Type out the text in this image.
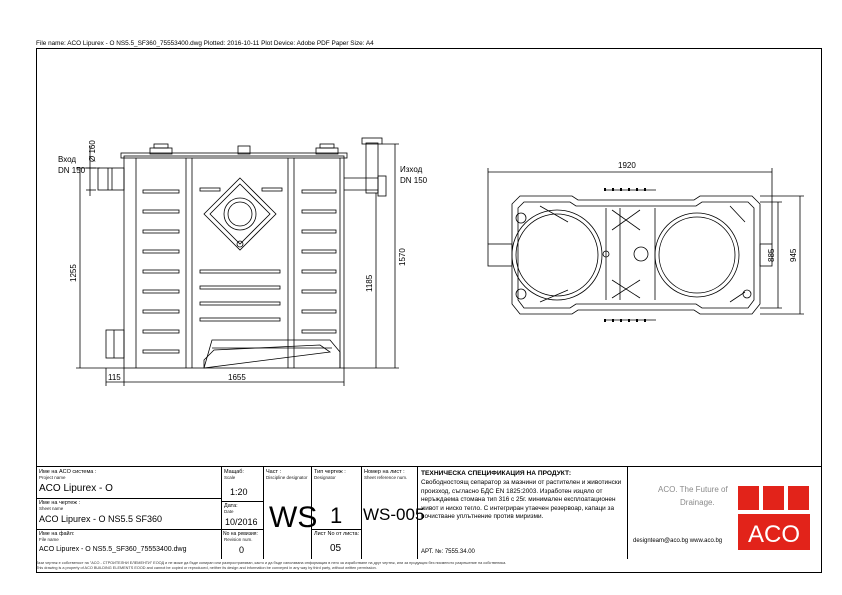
File name: ACO Lipurex - O NS5.5_SF360_75553400.dwg Plotted: 2016-10-11 Plot Device: Adobe PDF Paper Size: A4
Вход
DN 150	Изход
DN 150
Ø 160
1255
1570
1185
115	1655
1920
885 945
Име на ACO система :
Project name
ACO Lipurex - O
Име на чертеж :
Sheet name
ACO Lipurex - O NS5.5 SF360
Име на файл:
File name
ACO Lipurex - O NS5.5_SF360_75553400.dwg
Мащаб:
Scale
1:20
Дата:
Date
10/2016
No на ревизия:
Revision num.
0
Част :
Discipline designator
WS
Тип чертеж :
Designator
1
Лист No от листа:
05
Номер на лист :
Sheet reference num.
WS-005
ТЕХНИЧЕСКА СПЕЦИФИКАЦИЯ НА ПРОДУКТ:
Свободностоящ сепаратор за мазнини от растителен и животински произход, съгласно БДС EN 1825:2003. Изработен изцяло от неръждаема стомана тип 316 с 25г. минимален експлоатационен живот и ниско тегло. С интегриран утаечен резервоар, капаци за почистване уплътнение против миризми.
АРТ. №: 7555.34.00
ACO. The Future of
Drainage.
designteam@aco.bg www.aco.bg ACO
Тази чертеж е собственост на "ACO - СТРОИТЕЛНИ ЕЛЕМЕНТИ" ЕООД и не може да бъде копиран или разпространяван, както и да бъде използвана информация в него за изработване на друг чертеж, или за продукция без писменото разрешение на собственика.
This drawing is a property of ACO BUILDING ELEMENTS EOOD and cannot be copied or reproduced, neither its design and information be conveyed in any way by third party, without written permission.
